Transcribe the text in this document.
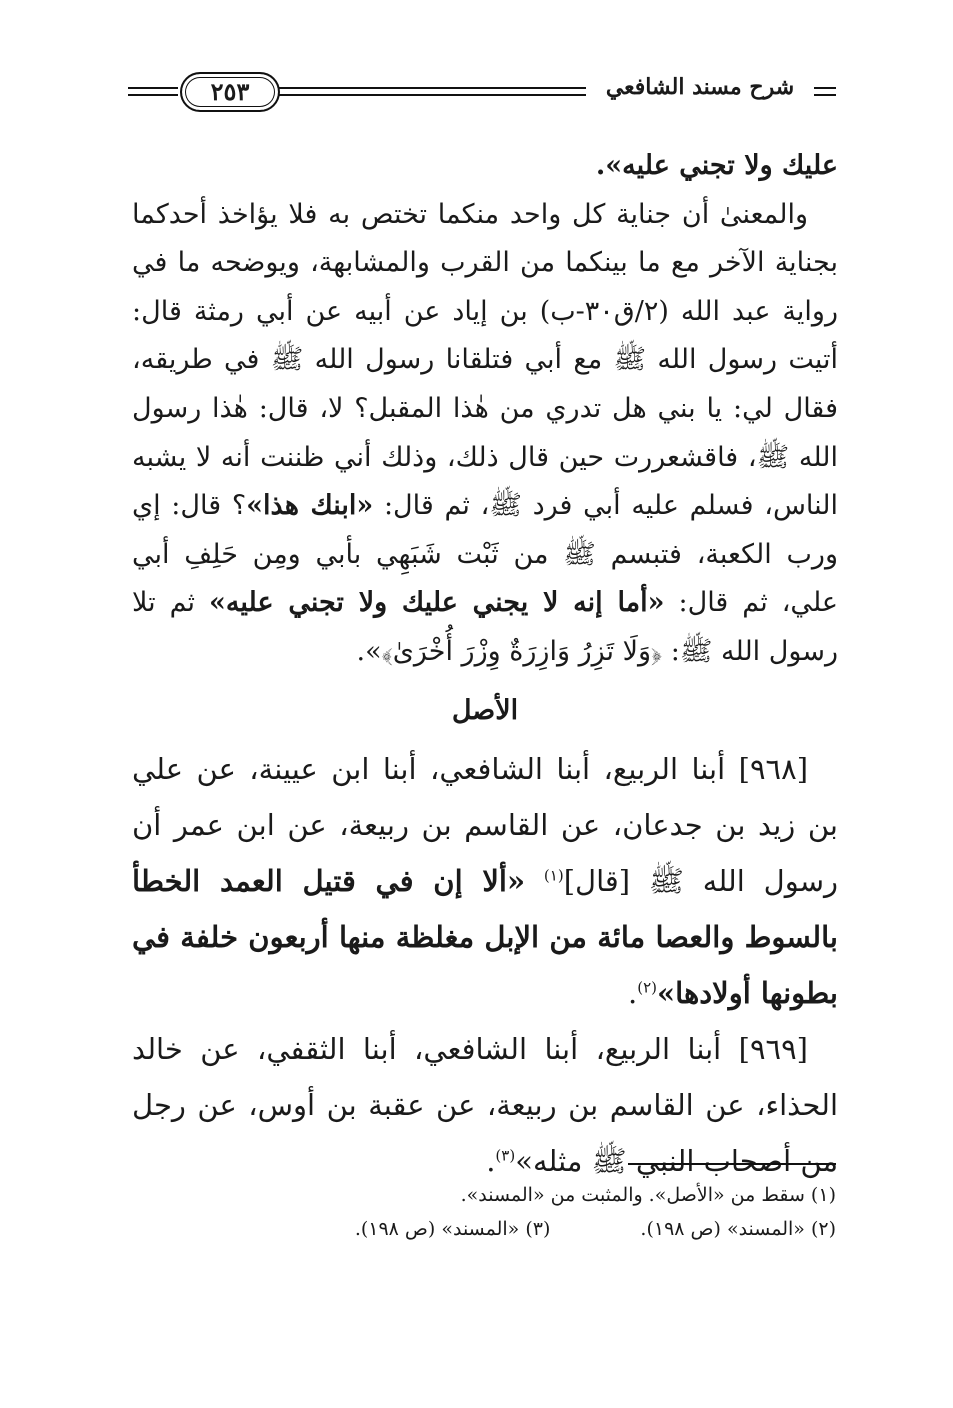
شرح مسند الشافعي
٢٥٣

عليك ولا تجني عليه».

والمعنىٰ أن جناية كل واحد منكما تختص به فلا يؤاخذ أحدكما بجناية الآخر مع ما بينكما من القرب والمشابهة، ويوضحه ما في رواية عبد الله (٢/ق٣٠-ب) بن إياد عن أبيه عن أبي رمثة قال: أتيت رسول الله ﷺ مع أبي فتلقانا رسول الله ﷺ في طريقه، فقال لي: يا بني هل تدري من هٰذا المقبل؟ لا، قال: هٰذا رسول الله ﷺ، فاقشعررت حين قال ذلك، وذلك أني ظننت أنه لا يشبه الناس، فسلم عليه أبي فرد ﷺ، ثم قال: «ابنك هذا»؟ قال: إي ورب الكعبة، فتبسم ﷺ من ثَبْت شَبَهِي بأبي ومِن حَلِفِ أبي علي، ثم قال: «أما إنه لا يجني عليك ولا تجني عليه» ثم تلا رسول الله ﷺ: ﴿وَلَا تَزِرُ وَازِرَةٌ وِزْرَ أُخْرَىٰ﴾».

الأصل

[٩٦٨] أبنا الربيع، أبنا الشافعي، أبنا ابن عيينة، عن علي بن زيد بن جدعان، عن القاسم بن ربيعة، عن ابن عمر أن رسول الله ﷺ [قال]$^{(١)}$ «ألا إن في قتيل العمد الخطأ بالسوط والعصا مائة من الإبل مغلظة منها أربعون خلفة في بطونها أولادها»$^{(٢)}$.

[٩٦٩] أبنا الربيع، أبنا الشافعي، أبنا الثقفي، عن خالد الحذاء، عن القاسم بن ربيعة، عن عقبة بن أوس، عن رجل من أصحاب النبي ﷺ مثله»$^{(٣)}$.

(١) سقط من «الأصل». والمثبت من «المسند».
(٢) «المسند» (ص ١٩٨).(٣) «المسند» (ص ١٩٨).
